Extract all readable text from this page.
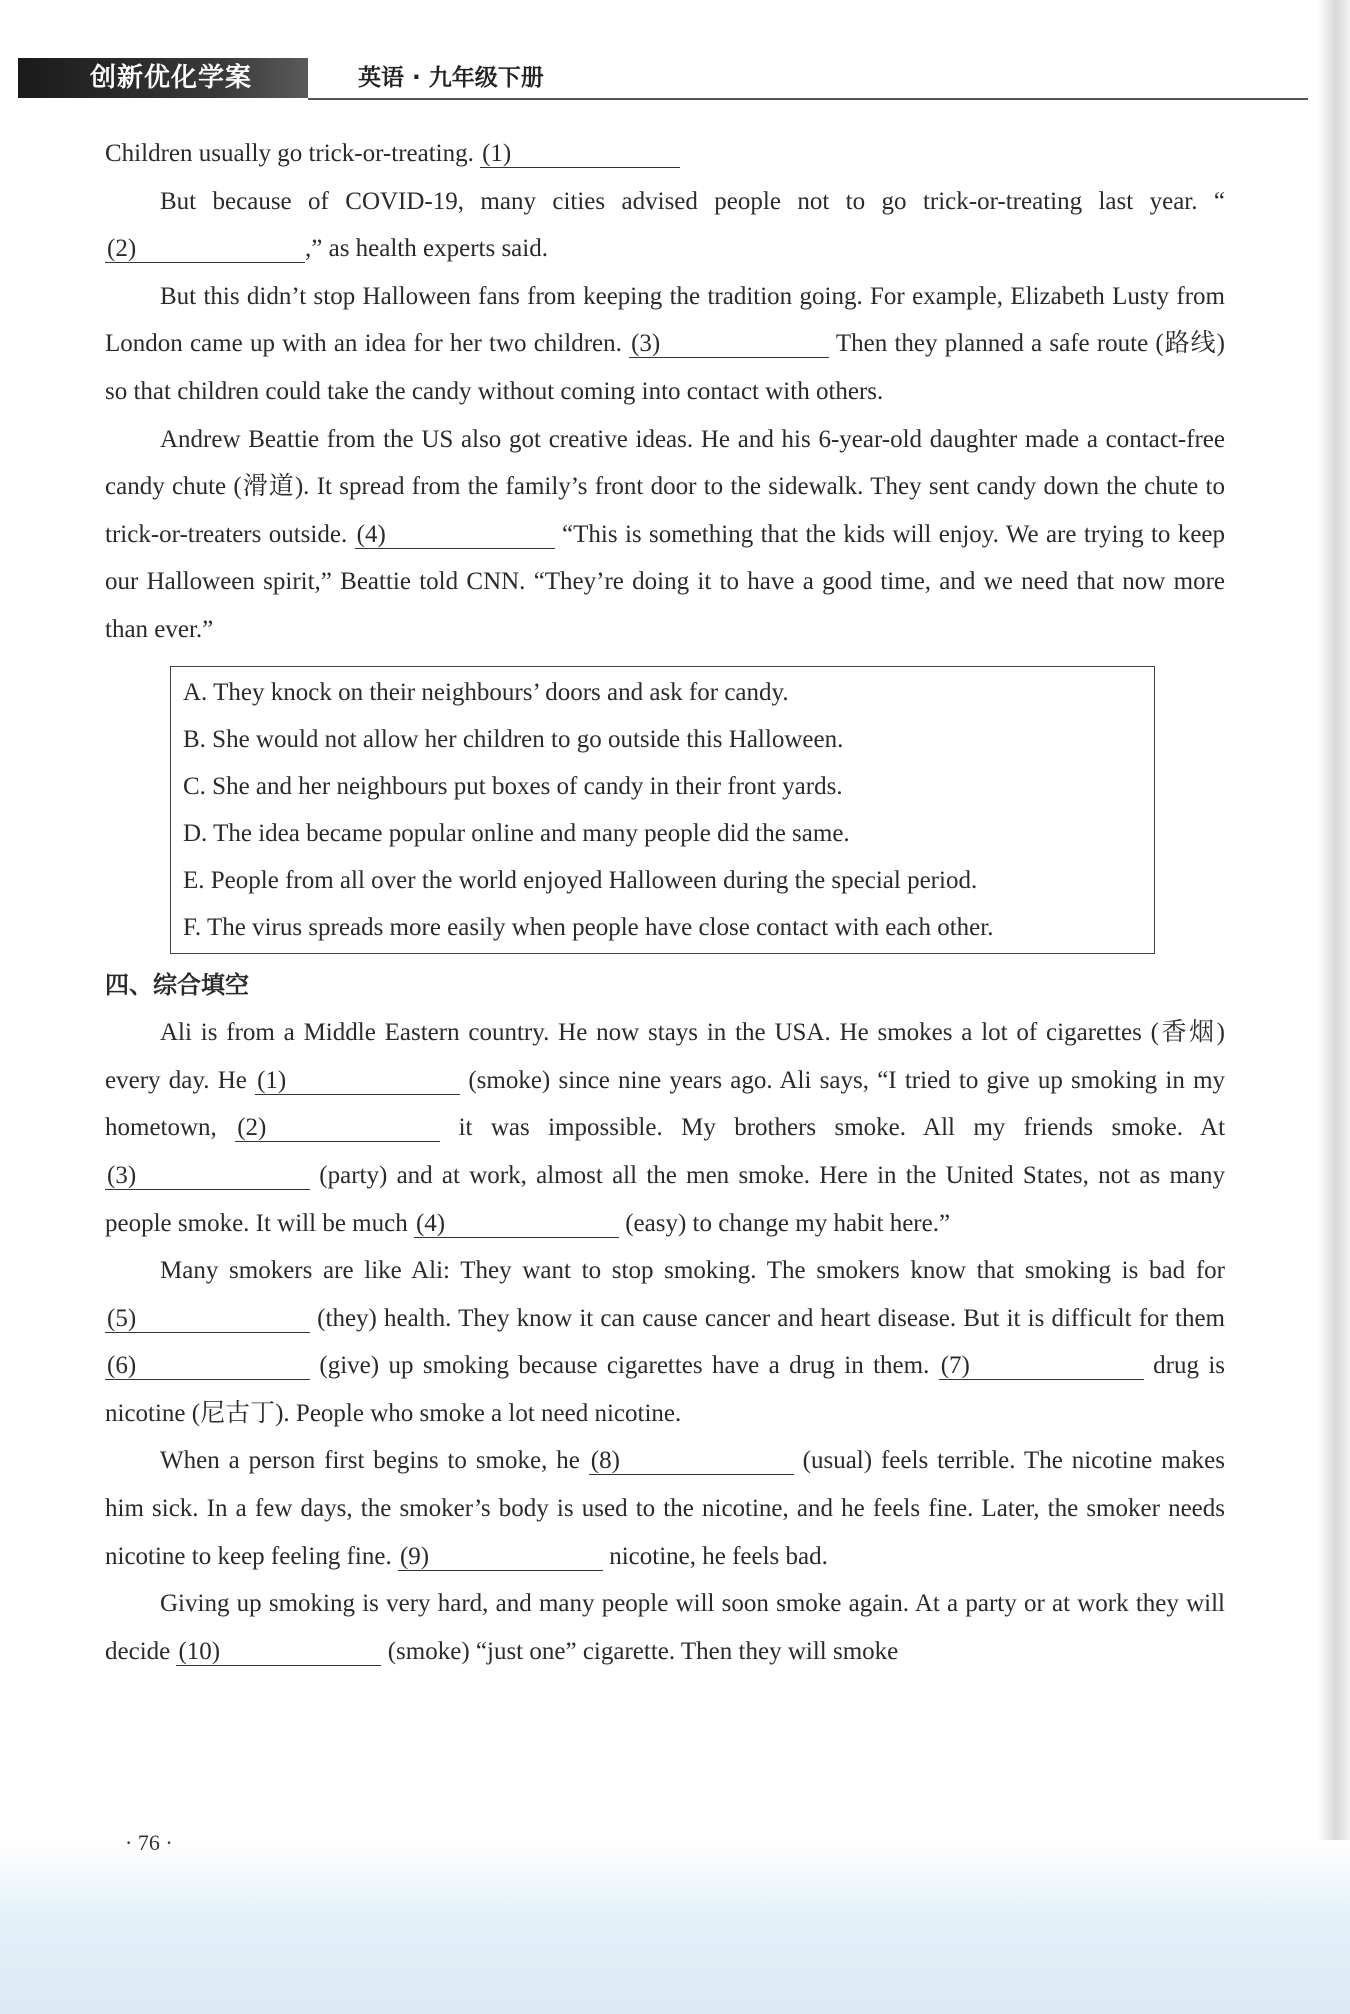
创新优化学案	英语 · 九年级下册

Children usually go trick-or-treating. (1)

But because of COVID-19, many cities advised people not to go trick-or-treating last year. “(2)	,” as health experts said.

But this didn’t stop Halloween fans from keeping the tradition going. For example, Elizabeth Lusty from London came up with an idea for her two children. (3)	Then they planned a safe route (路线) so that children could take the candy without coming into contact with others.

Andrew Beattie from the US also got creative ideas. He and his 6-year-old daughter made a contact-free candy chute (滑道). It spread from the family’s front door to the sidewalk. They sent candy down the chute to trick-or-treaters outside. (4)	“This is something that the kids will enjoy. We are trying to keep our Halloween spirit,” Beattie told CNN. “They’re doing it to have a good time, and we need that now more than ever.”

A. They knock on their neighbours’ doors and ask for candy.
B. She would not allow her children to go outside this Halloween.
C. She and her neighbours put boxes of candy in their front yards.
D. The idea became popular online and many people did the same.
E. People from all over the world enjoyed Halloween during the special period.
F. The virus spreads more easily when people have close contact with each other.
四、综合填空

Ali is from a Middle Eastern country. He now stays in the USA. He smokes a lot of cigarettes (香烟) every day. He (1)	(smoke) since nine years ago. Ali says, “I tried to give up smoking in my hometown, (2)	it was impossible. My brothers smoke. All my friends smoke. At (3)	(party) and at work, almost all the men smoke. Here in the United States, not as many people smoke. It will be much (4)	(easy) to change my habit here.”

Many smokers are like Ali: They want to stop smoking. The smokers know that smoking is bad for (5)	(they) health. They know it can cause cancer and heart disease. But it is difficult for them (6)	(give) up smoking because cigarettes have a drug in them. (7)	drug is nicotine (尼古丁). People who smoke a lot need nicotine.

When a person first begins to smoke, he (8)	(usual) feels terrible. The nicotine makes him sick. In a few days, the smoker’s body is used to the nicotine, and he feels fine. Later, the smoker needs nicotine to keep feeling fine. (9)	nicotine, he feels bad.

Giving up smoking is very hard, and many people will soon smoke again. At a party or at work they will decide (10)	(smoke) “just one” cigarette. Then they will smoke

· 76 ·
